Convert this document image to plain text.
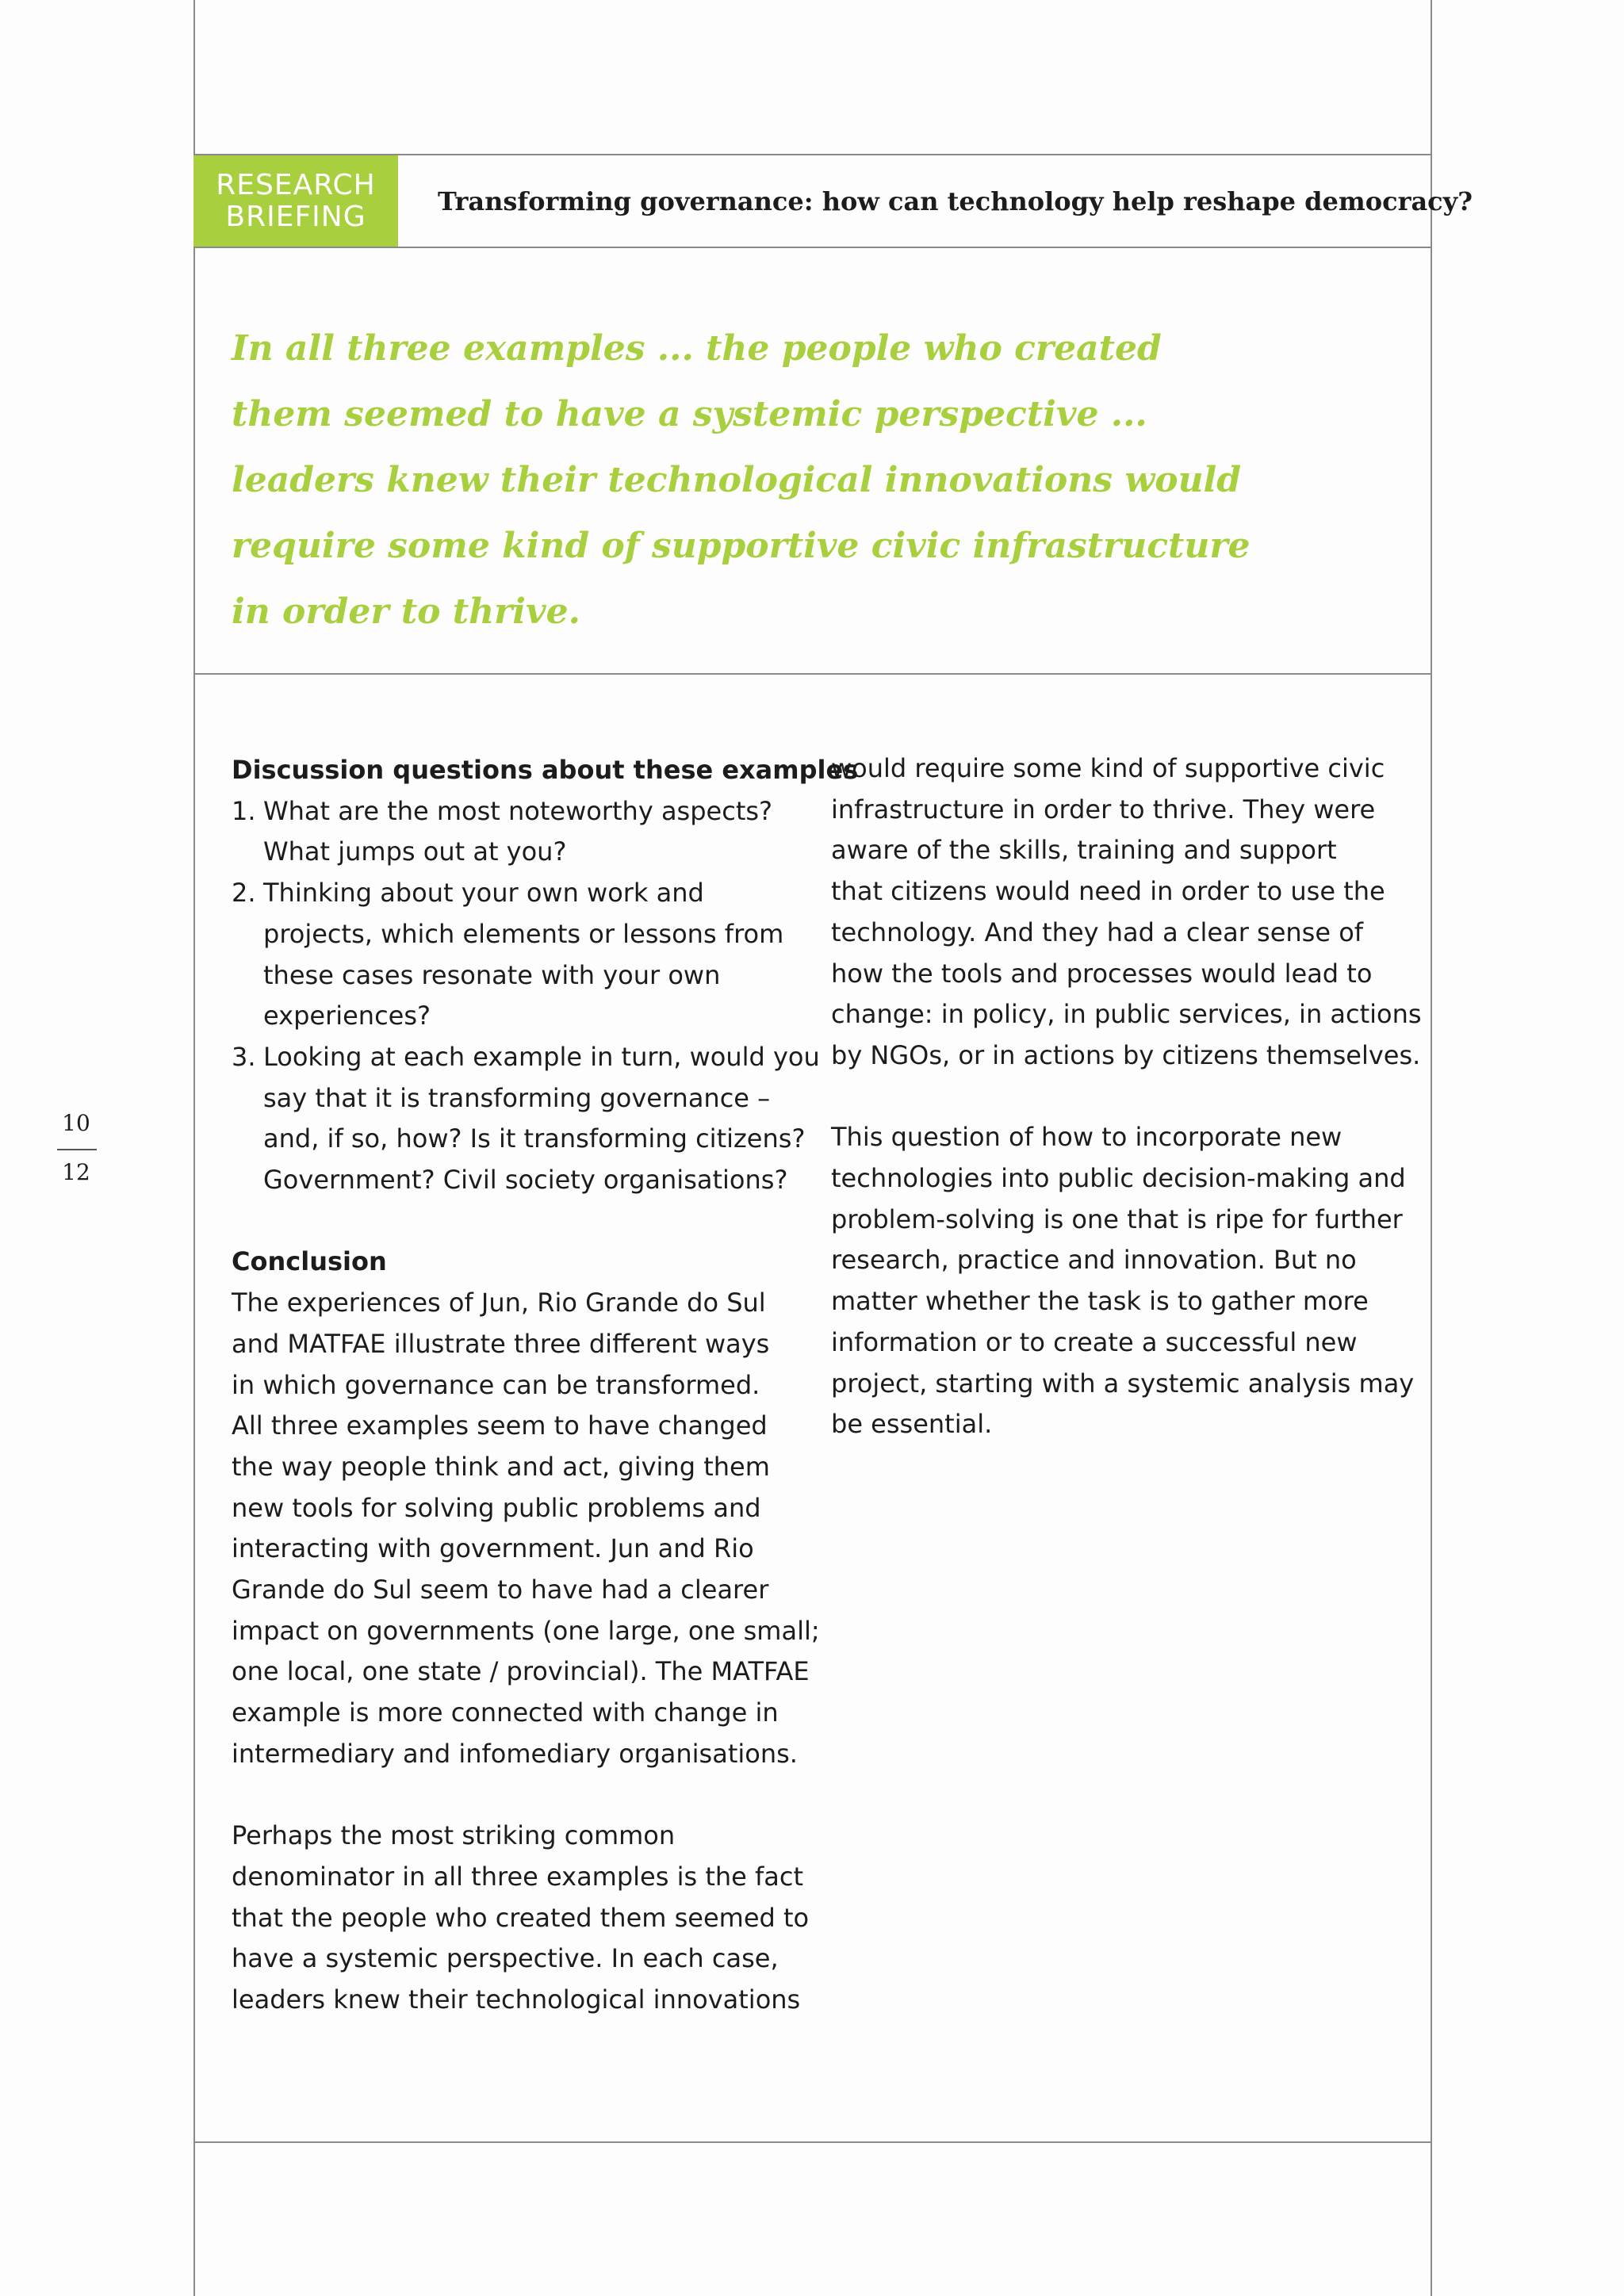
RESEARCH
BRIEFING	Transforming governance: how can technology help reshape democracy?
In all three examples ... the people who created
them seemed to have a systemic perspective ...
leaders knew their technological innovations would
require some kind of supportive civic infrastructure
in order to thrive.
Discussion questions about these examples
1. What are the most noteworthy aspects?
What jumps out at you?
2. Thinking about your own work and
projects, which elements or lessons from
these cases resonate with your own
experiences?
3. Looking at each example in turn, would you
say that it is transforming governance –
and, if so, how? Is it transforming citizens?
Government? Civil society organisations?
Conclusion
The experiences of Jun, Rio Grande do Sul
and MATFAE illustrate three different ways
in which governance can be transformed.
All three examples seem to have changed
the way people think and act, giving them
new tools for solving public problems and
interacting with government. Jun and Rio
Grande do Sul seem to have had a clearer
impact on governments (one large, one small;
one local, one state / provincial). The MATFAE
example is more connected with change in
intermediary and infomediary organisations.
Perhaps the most striking common
denominator in all three examples is the fact
that the people who created them seemed to
have a systemic perspective. In each case,
leaders knew their technological innovations
would require some kind of supportive civic
infrastructure in order to thrive. They were
aware of the skills, training and support
that citizens would need in order to use the
technology. And they had a clear sense of
how the tools and processes would lead to
change: in policy, in public services, in actions
by NGOs, or in actions by citizens themselves.
This question of how to incorporate new
technologies into public decision-making and
problem-solving is one that is ripe for further
research, practice and innovation. But no
matter whether the task is to gather more
information or to create a successful new
project, starting with a systemic analysis may
be essential.
10
12
